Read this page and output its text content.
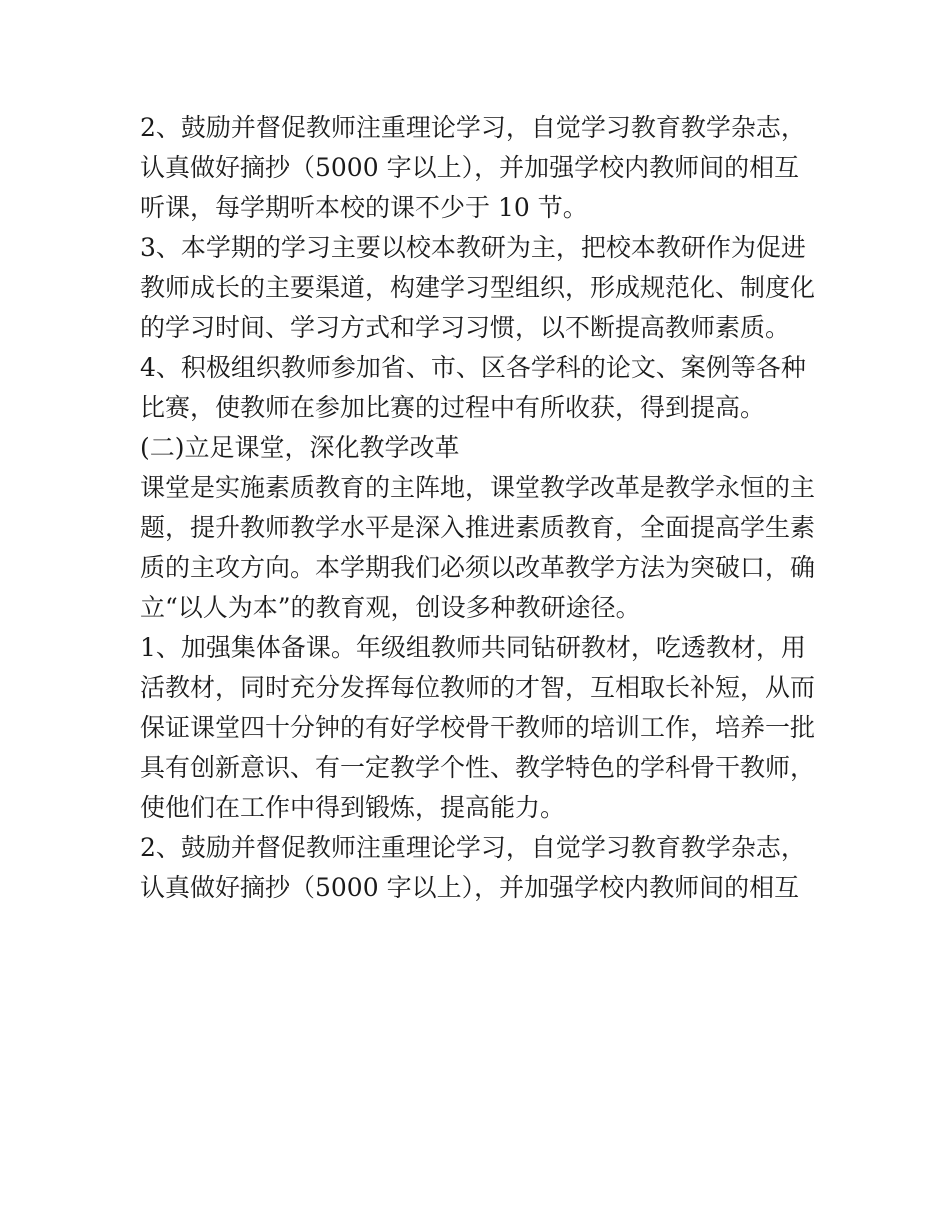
2、鼓励并督促教师注重理论学习，自觉学习教育教学杂志，
认真做好摘抄（5000 字以上），并加强学校内教师间的相互
听课，每学期听本校的课不少于 10 节。
3、本学期的学习主要以校本教研为主，把校本教研作为促进
教师成长的主要渠道，构建学习型组织，形成规范化、制度化
的学习时间、学习方式和学习习惯，以不断提高教师素质。
4、积极组织教师参加省、市、区各学科的论文、案例等各种
比赛，使教师在参加比赛的过程中有所收获，得到提高。
(二)立足课堂，深化教学改革
课堂是实施素质教育的主阵地，课堂教学改革是教学永恒的主
题，提升教师教学水平是深入推进素质教育，全面提高学生素
质的主攻方向。本学期我们必须以改革教学方法为突破口，确
立“以人为本”的教育观，创设多种教研途径。
1、加强集体备课。年级组教师共同钻研教材，吃透教材，用
活教材，同时充分发挥每位教师的才智，互相取长补短，从而
保证课堂四十分钟的有好学校骨干教师的培训工作，培养一批
具有创新意识、有一定教学个性、教学特色的学科骨干教师，
使他们在工作中得到锻炼，提高能力。
2、鼓励并督促教师注重理论学习，自觉学习教育教学杂志，
认真做好摘抄（5000 字以上），并加强学校内教师间的相互
